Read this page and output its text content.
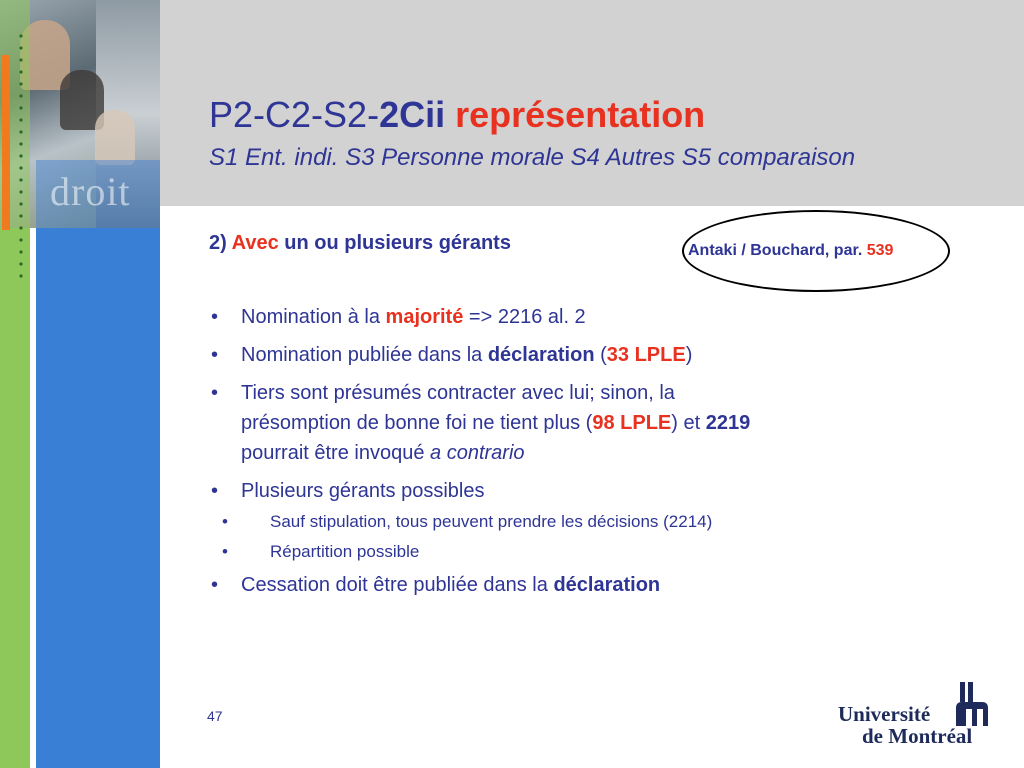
droit
P2-C2-S2-2Cii représentation
S1 Ent. indi. S3 Personne morale S4 Autres S5 comparaison
2) Avec un ou plusieurs gérants	Antaki / Bouchard, par. 539
• Nomination à la majorité => 2216 al. 2
• Nomination publiée dans la déclaration (33 LPLE)
• Tiers sont présumés contracter avec lui; sinon, la
présomption de bonne foi ne tient plus (98 LPLE) et 2219
pourrait être invoqué a contrario
• Plusieurs gérants possibles
• Sauf stipulation, tous peuvent prendre les décisions (2214)
• Répartition possible
• Cessation doit être publiée dans la déclaration
47	Université
de Montréal
